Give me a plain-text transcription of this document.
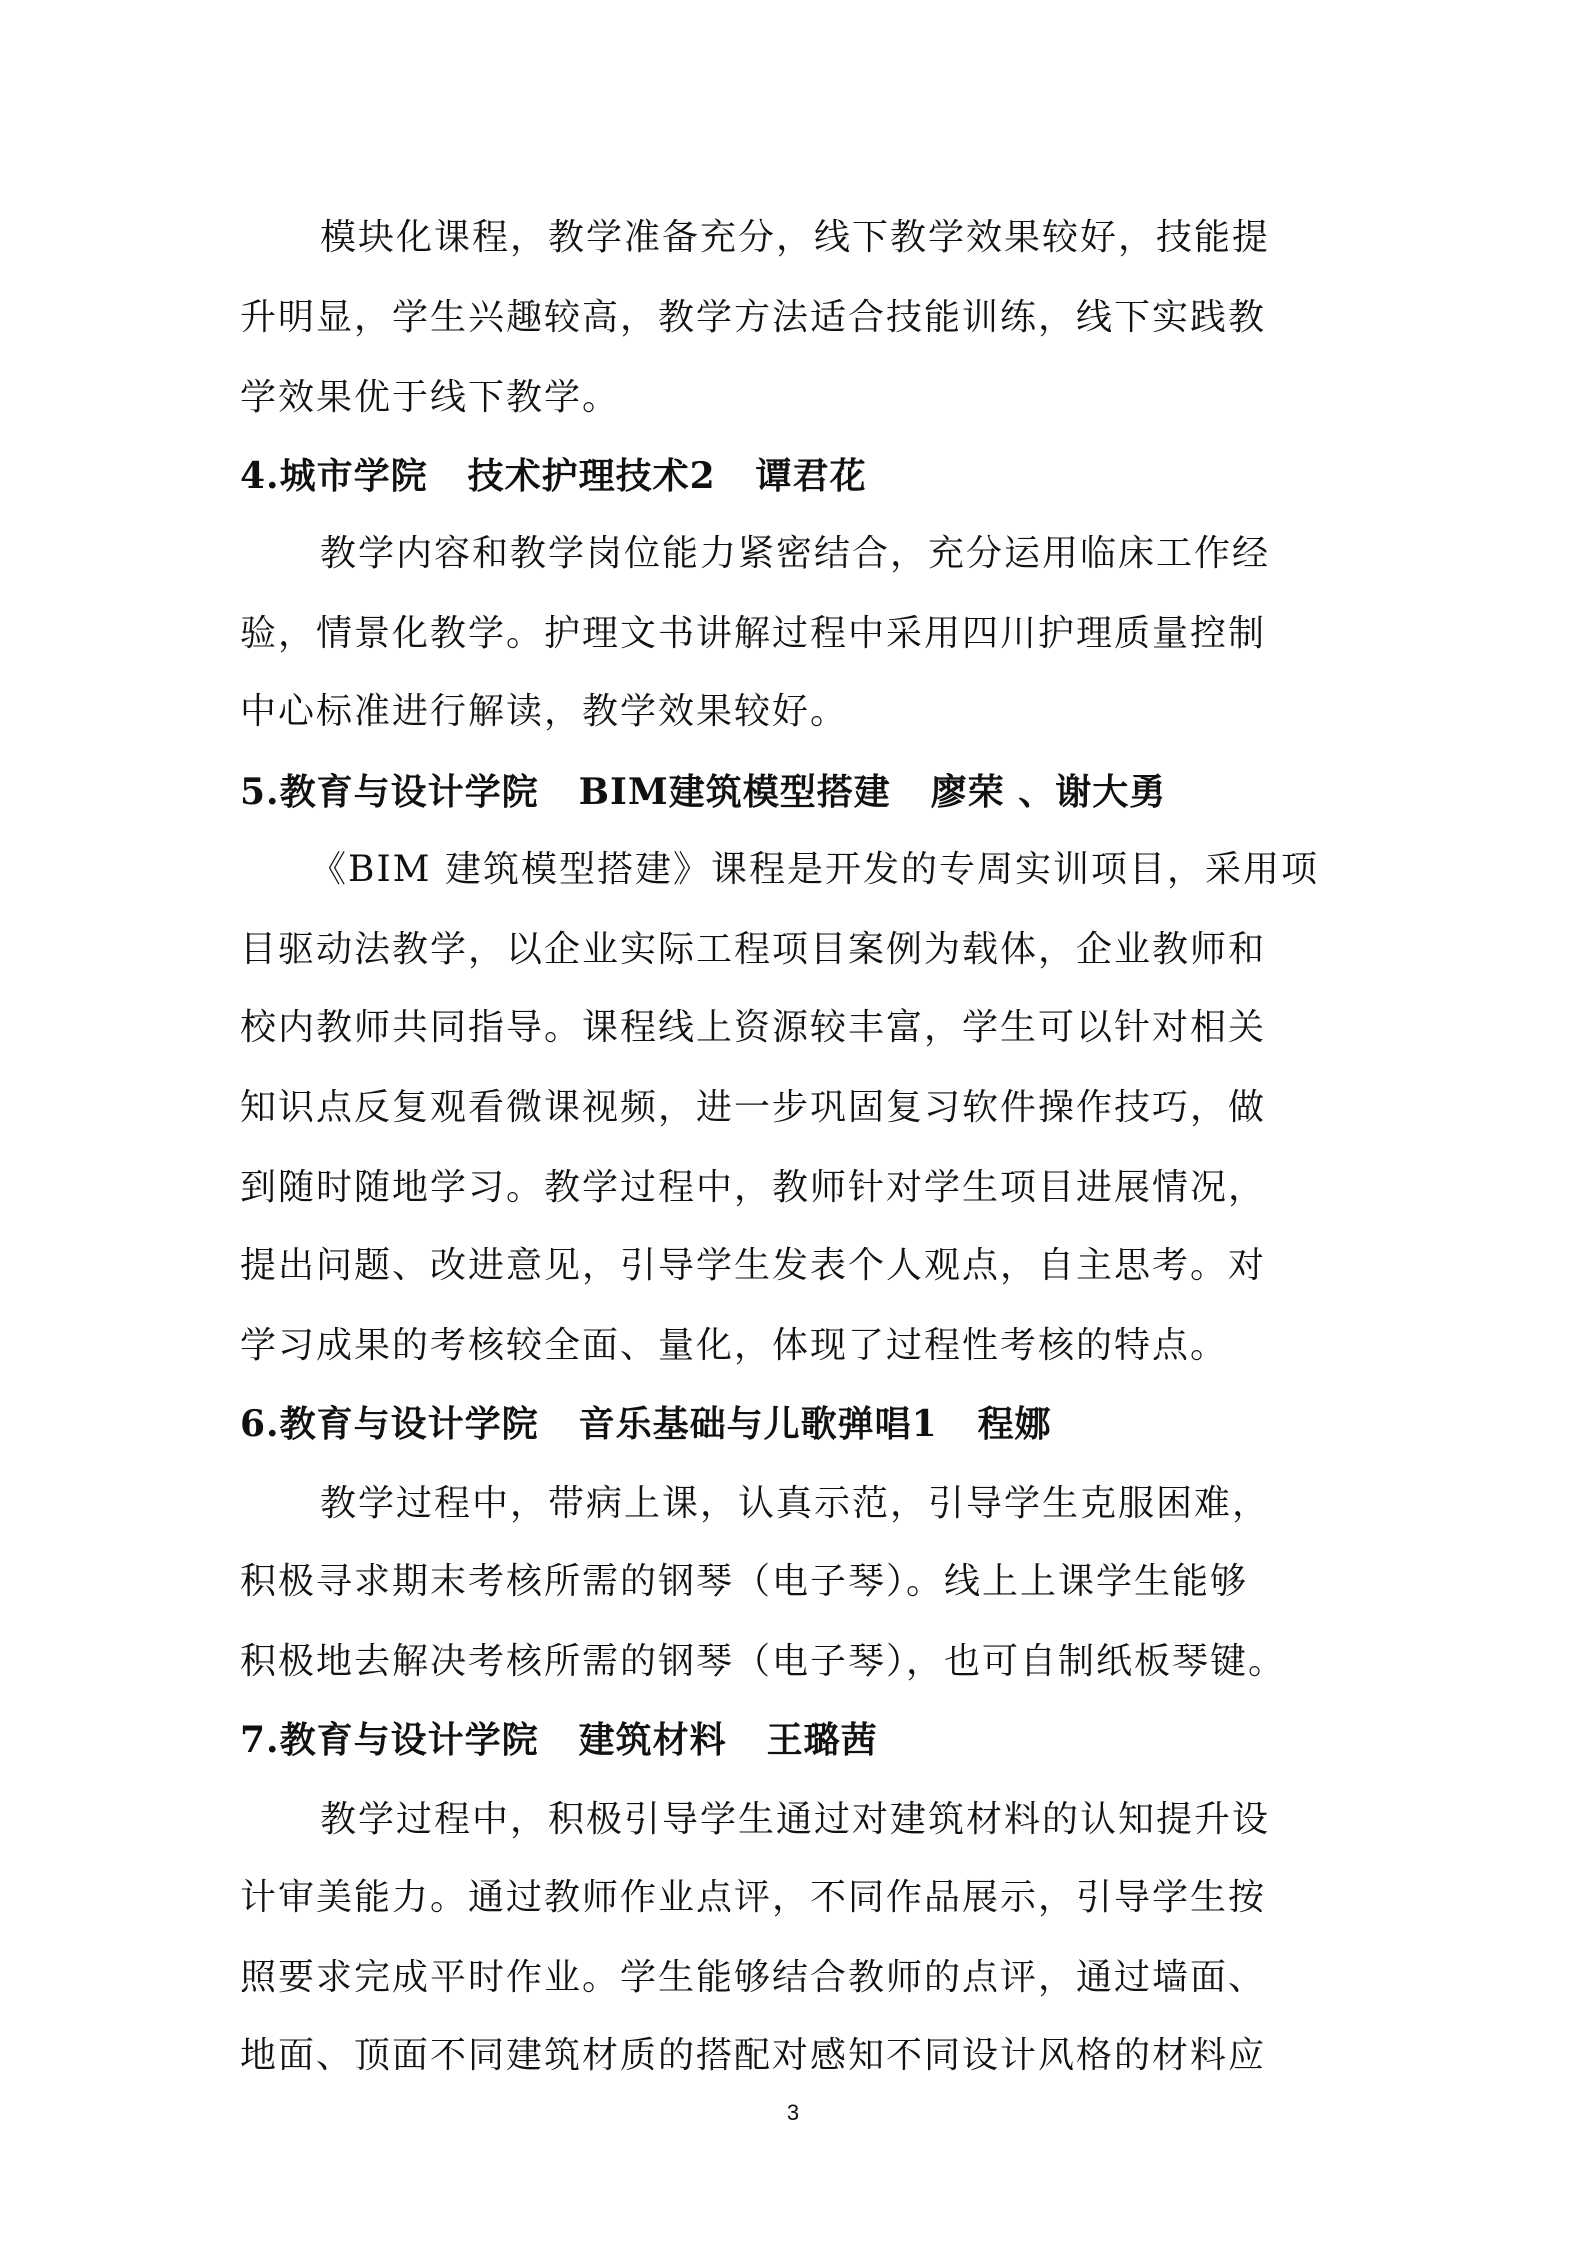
模块化课程，教学准备充分，线下教学效果较好，技能提
升明显，学生兴趣较高，教学方法适合技能训练，线下实践教
学效果优于线下教学。
4.城市学院 技术护理技术2 谭君花
教学内容和教学岗位能力紧密结合，充分运用临床工作经
验，情景化教学。护理文书讲解过程中采用四川护理质量控制
中心标准进行解读，教学效果较好。
5.教育与设计学院 BIM建筑模型搭建 廖荣 、谢大勇
《BIM 建筑模型搭建》课程是开发的专周实训项目，采用项
目驱动法教学，以企业实际工程项目案例为载体，企业教师和
校内教师共同指导。课程线上资源较丰富，学生可以针对相关
知识点反复观看微课视频，进一步巩固复习软件操作技巧，做
到随时随地学习。教学过程中，教师针对学生项目进展情况，
提出问题、改进意见，引导学生发表个人观点，自主思考。对
学习成果的考核较全面、量化，体现了过程性考核的特点。
6.教育与设计学院 音乐基础与儿歌弹唱1 程娜
教学过程中，带病上课，认真示范，引导学生克服困难，
积极寻求期末考核所需的钢琴（电子琴）。线上上课学生能够
积极地去解决考核所需的钢琴（电子琴），也可自制纸板琴键。
7.教育与设计学院 建筑材料 王璐茜
教学过程中，积极引导学生通过对建筑材料的认知提升设
计审美能力。通过教师作业点评，不同作品展示，引导学生按
照要求完成平时作业。学生能够结合教师的点评，通过墙面、
地面、顶面不同建筑材质的搭配对感知不同设计风格的材料应
3
